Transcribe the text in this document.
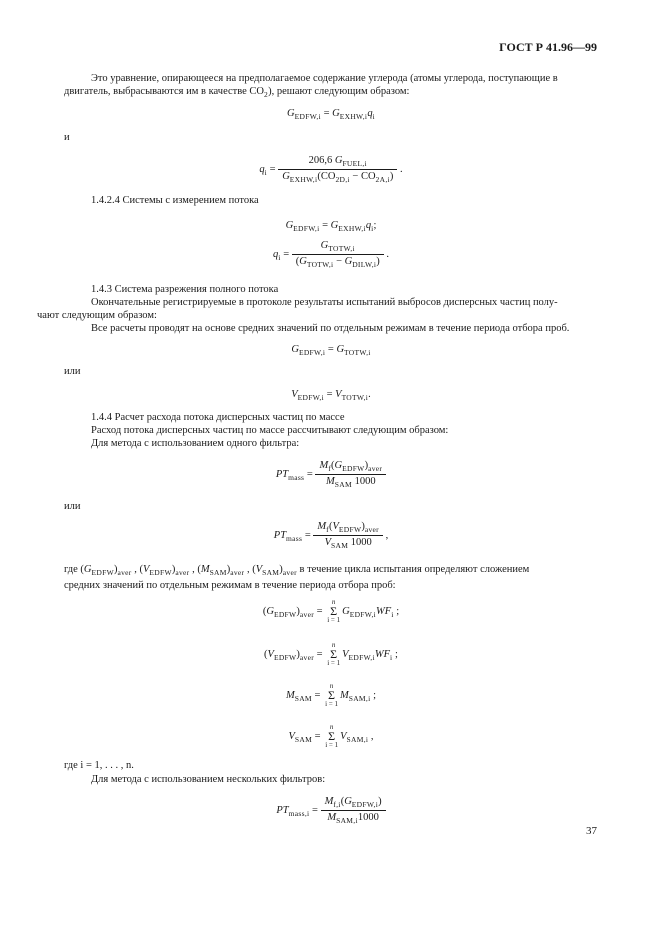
ГОСТ Р 41.96—99
Это уравнение, опирающееся на предполагаемое содержание углерода (атомы углерода, поступающие в
двигатель, выбрасываются им в качестве $CO_2$), решают следующим образом:
$G_{EDFW,i} = G_{EXHW,i}q_i$
и
$q_i = \frac{206,6 G_{FUEL,i}}{G_{EXHW,i}(CO_{2D,i} - CO_{2A,i})}$ .
1.4.2.4 Системы с измерением потока
$G_{EDFW,i} = G_{EXHW,i}q_i$;
$q_i = \frac{G_{TOTW,i}}{(G_{TOTW,i} - G_{DILW,i})}$ .
1.4.3 Система разрежения полного потока
Окончательные регистрируемые в протоколе результаты испытаний выбросов дисперсных частиц полу-
чают следующим образом:
Все расчеты проводят на основе средних значений по отдельным режимам в течение периода отбора проб.
$G_{EDFW,i} = G_{TOTW,i}$
или
$V_{EDFW,i} = V_{TOTW,i}$.
1.4.4 Расчет расхода потока дисперсных частиц по массе
Расход потока дисперсных частиц по массе рассчитывают следующим образом:
Для метода с использованием одного фильтра:
$PT_{mass} = \frac{M_f(G_{EDFW})_{aver}}{M_{SAM} 1000}$
или
$PT_{mass} = \frac{M_f(V_{EDFW})_{aver}}{V_{SAM} 1000}$ ,
где $(G_{EDFW})_{aver}$ , $(V_{EDFW})_{aver}$ , $(M_{SAM})_{aver}$ , $(V_{SAM})_{aver}$ в течение цикла испытания определяют сложением
средних значений по отдельным режимам в течение периода отбора проб:
$(G_{EDFW})_{aver}$ =
n
Σ
i = 1
$G_{EDFW,i}WF_i$ ;
$(V_{EDFW})_{aver}$ =
n
Σ
i = 1
$V_{EDFW,i}WF_i$ ;
$M_{SAM}$ =
n
Σ
i = 1
$M_{SAM,i}$ ;
$V_{SAM}$ =
n
Σ
i = 1
$V_{SAM,i}$ ,
где i = 1, . . . , n.
Для метода с использованием нескольких фильтров:
$PT_{mass,i} = \frac{M_{f,i}(G_{EDFW,i})}{M_{SAM,i}1000}$
37
